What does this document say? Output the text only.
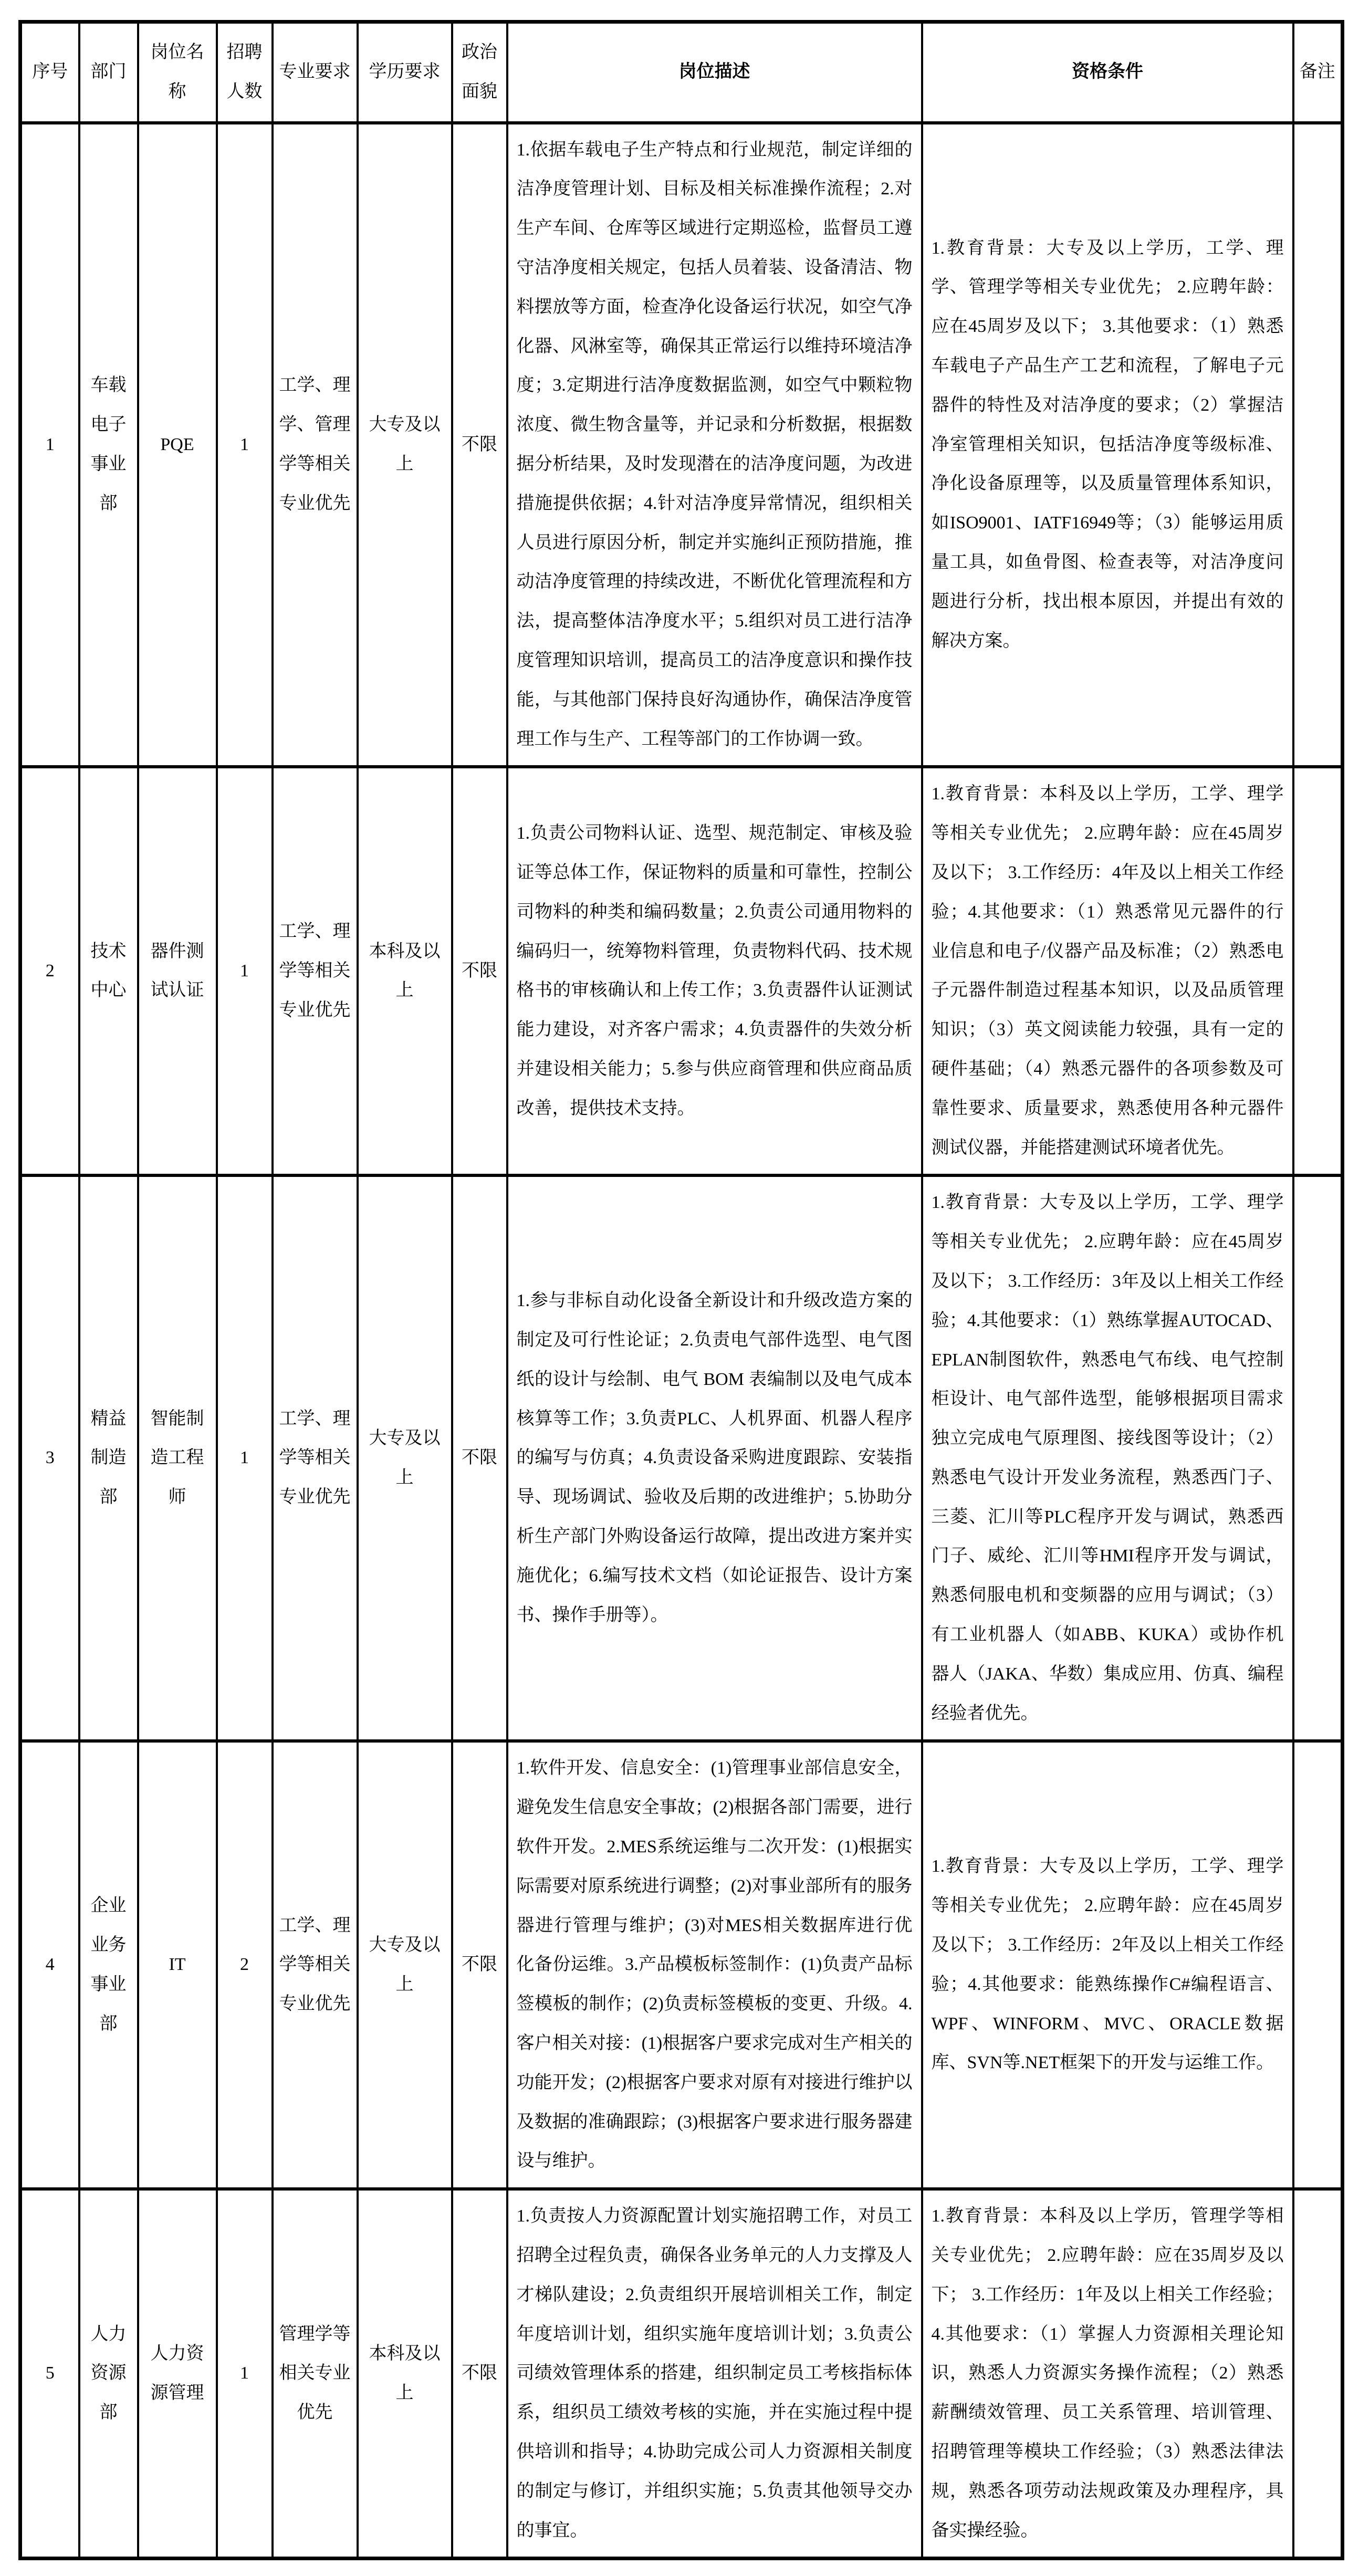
序号	部门	岗位名称	招聘人数	专业要求	学历要求	政治面貌	岗位描述	资格条件	备注
1	车载电子事业部	PQE	1	工学、理学、管理学等相关专业优先	大专及以上	不限	1.依据车载电子生产特点和行业规范，制定详细的洁净度管理计划、目标及相关标准操作流程；2.对生产车间、仓库等区域进行定期巡检，监督员工遵守洁净度相关规定，包括人员着装、设备清洁、物料摆放等方面，检查净化设备运行状况，如空气净化器、风淋室等，确保其正常运行以维持环境洁净度；3.定期进行洁净度数据监测，如空气中颗粒物浓度、微生物含量等，并记录和分析数据，根据数据分析结果，及时发现潜在的洁净度问题，为改进措施提供依据；4.针对洁净度异常情况，组织相关人员进行原因分析，制定并实施纠正预防措施，推动洁净度管理的持续改进，不断优化管理流程和方法，提高整体洁净度水平；5.组织对员工进行洁净度管理知识培训，提高员工的洁净度意识和操作技能，与其他部门保持良好沟通协作，确保洁净度管理工作与生产、工程等部门的工作协调一致。	1.教育背景：大专及以上学历，工学、理学、管理学等相关专业优先； 2.应聘年龄：应在45周岁及以下； 3.其他要求：（1）熟悉车载电子产品生产工艺和流程，了解电子元器件的特性及对洁净度的要求；（2）掌握洁净室管理相关知识，包括洁净度等级标准、净化设备原理等，以及质量管理体系知识，如ISO9001、IATF16949等；（3）能够运用质量工具，如鱼骨图、检查表等，对洁净度问题进行分析，找出根本原因，并提出有效的解决方案。	
2	技术中心	器件测试认证	1	工学、理学等相关专业优先	本科及以上	不限	1.负责公司物料认证、选型、规范制定、审核及验证等总体工作，保证物料的质量和可靠性，控制公司物料的种类和编码数量；2.负责公司通用物料的编码归一，统筹物料管理，负责物料代码、技术规格书的审核确认和上传工作；3.负责器件认证测试能力建设，对齐客户需求；4.负责器件的失效分析并建设相关能力；5.参与供应商管理和供应商品质改善，提供技术支持。	1.教育背景：本科及以上学历，工学、理学等相关专业优先； 2.应聘年龄：应在45周岁及以下； 3.工作经历：4年及以上相关工作经验；4.其他要求：（1）熟悉常见元器件的行业信息和电子/仪器产品及标准；（2）熟悉电子元器件制造过程基本知识，以及品质管理知识；（3）英文阅读能力较强，具有一定的硬件基础；（4）熟悉元器件的各项参数及可靠性要求、质量要求，熟悉使用各种元器件测试仪器，并能搭建测试环境者优先。	
3	精益制造部	智能制造工程师	1	工学、理学等相关专业优先	大专及以上	不限	1.参与非标自动化设备全新设计和升级改造方案的制定及可行性论证；2.负责电气部件选型、电气图纸的设计与绘制、电气 BOM 表编制以及电气成本核算等工作；3.负责PLC、人机界面、机器人程序的编写与仿真；4.负责设备采购进度跟踪、安装指导、现场调试、验收及后期的改进维护；5.协助分析生产部门外购设备运行故障，提出改进方案并实施优化；6.编写技术文档（如论证报告、设计方案书、操作手册等）。	1.教育背景：大专及以上学历，工学、理学等相关专业优先； 2.应聘年龄：应在45周岁及以下； 3.工作经历：3年及以上相关工作经验；4.其他要求：（1）熟练掌握AUTOCAD、EPLAN制图软件，熟悉电气布线、电气控制柜设计、电气部件选型，能够根据项目需求独立完成电气原理图、接线图等设计；（2）熟悉电气设计开发业务流程，熟悉西门子、三菱、汇川等PLC程序开发与调试，熟悉西门子、威纶、汇川等HMI程序开发与调试，熟悉伺服电机和变频器的应用与调试；（3）有工业机器人（如ABB、KUKA）或协作机器人（JAKA、华数）集成应用、仿真、编程经验者优先。	
4	企业业务事业部	IT	2	工学、理学等相关专业优先	大专及以上	不限	1.软件开发、信息安全：(1)管理事业部信息安全，避免发生信息安全事故；(2)根据各部门需要，进行软件开发。2.MES系统运维与二次开发：(1)根据实际需要对原系统进行调整；(2)对事业部所有的服务器进行管理与维护；(3)对MES相关数据库进行优化备份运维。3.产品模板标签制作：(1)负责产品标签模板的制作；(2)负责标签模板的变更、升级。4.客户相关对接：(1)根据客户要求完成对生产相关的功能开发；(2)根据客户要求对原有对接进行维护以及数据的准确跟踪；(3)根据客户要求进行服务器建设与维护。	1.教育背景：大专及以上学历，工学、理学等相关专业优先； 2.应聘年龄：应在45周岁及以下； 3.工作经历：2年及以上相关工作经验；4.其他要求：能熟练操作C#编程语言、WPF、WINFORM、MVC、ORACLE数据库、SVN等.NET框架下的开发与运维工作。	
5	人力资源部	人力资源管理	1	管理学等相关专业优先	本科及以上	不限	1.负责按人力资源配置计划实施招聘工作，对员工招聘全过程负责，确保各业务单元的人力支撑及人才梯队建设；2.负责组织开展培训相关工作，制定年度培训计划，组织实施年度培训计划；3.负责公司绩效管理体系的搭建，组织制定员工考核指标体系，组织员工绩效考核的实施，并在实施过程中提供培训和指导；4.协助完成公司人力资源相关制度的制定与修订，并组织实施；5.负责其他领导交办的事宜。	1.教育背景：本科及以上学历，管理学等相关专业优先； 2.应聘年龄：应在35周岁及以下； 3.工作经历：1年及以上相关工作经验；4.其他要求：（1）掌握人力资源相关理论知识，熟悉人力资源实务操作流程；（2）熟悉薪酬绩效管理、员工关系管理、培训管理、招聘管理等模块工作经验；（3）熟悉法律法规，熟悉各项劳动法规政策及办理程序，具备实操经验。	
